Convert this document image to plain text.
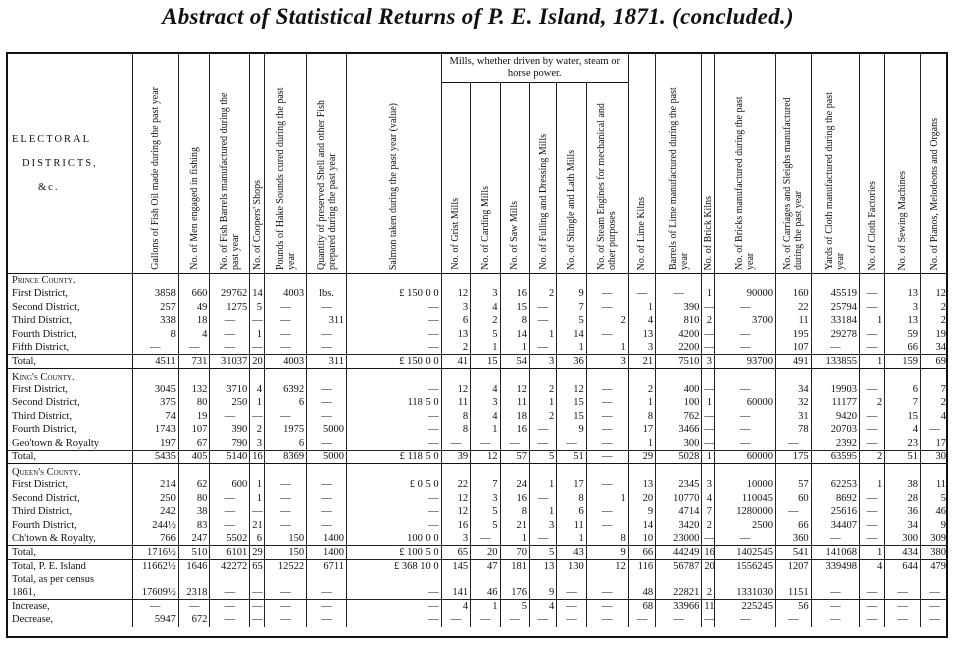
Abstract of Statistical Returns of P. E. Island, 1871. (concluded.)
ELECTORAL
DISTRICTS,
&c.	Gallons of Fish Oil made during the past year	No. of Men engaged in fishing	No. of Fish Barrels manufactured during the past year	No. of Coopers' Shops	Pounds of Hake Sounds cured during the past year	Quantity of preserved Shell and other Fish prepared during the past year	Salmon taken during the past year (value)	Mills, whether driven by water, steam or horse power.						No. of Lime Kilns	Barrels of Lime manufactured during the past year	No. of Brick Kilns	No. of Bricks manufactured during the past year	No. of Carriages and Sleighs manufactured during the past year	Yards of Cloth manufactured during the past year	No. of Cloth Factories	No. of Sewing Machines	No. of Pianos, Melodeons and Organs
								No. of Grist Mills	No. of Carding Mills	No. of Saw Mills	No. of Fulling and Dressing Mills	No. of Shingle and Lath Mills	No. of Steam Engines for mechanical and other purposes									
Prince County.																						
First District,	3858	660	29762	14	4003	lbs.	£ 150 0 0	12	3	16	2	9	—	—	—	1	90000	160	45519	—	13	12
Second District,	257	49	1275	5	—	—	—	3	4	15	—	7	—	1	390	—	—	22	25794	—	3	2
Third District,	338	18	—	—	—	311	—	6	2	8	—	5	2	4	810	2	3700	11	33184	1	13	2
Fourth District,	8	4	—	1	—	—	—	13	5	14	1	14	—	13	4200	—	—	195	29278	—	59	19
Fifth District,	—	—	—	—	—	—	—	2	1	1	—	1	1	3	2200	—	—	107	—	—	66	34
Total,	4511	731	31037	20	4003	311	£ 150 0 0	41	15	54	3	36	3	21	7510	3	93700	491	133855	1	159	69
King's County.																						
First District,	3045	132	3710	4	6392	—	—	12	4	12	2	12	—	2	400	—	—	34	19903	—	6	7
Second District,	375	80	250	1	6	—	118 5 0	11	3	11	1	15	—	1	100	1	60000	32	11177	2	7	2
Third District,	74	19	—	—	—	—	—	8	4	18	2	15	—	8	762	—	—	31	9420	—	15	4
Fourth District,	1743	107	390	2	1975	5000	—	8	1	16	—	9	—	17	3466	—	—	78	20703	—	4	—
Geo'town & Royalty	197	67	790	3	6	—	—	—	—	—	—	—	—	1	300	—	—	—	2392	—	23	17
Total,	5435	405	5140	16	8369	5000	£ 118 5 0	39	12	57	5	51	—	29	5028	1	60000	175	63595	2	51	30
Queen's County.																						
First District,	214	62	600	1	—	—	£ 0 5 0	22	7	24	1	17	—	13	2345	3	10000	57	62253	1	38	11
Second District,	250	80	—	1	—	—	—	12	3	16	—	8	1	20	10770	4	110045	60	8692	—	28	5
Third District,	242	38	—	—	—	—	—	12	5	8	1	6	—	9	4714	7	1280000	—	25616	—	36	46
Fourth District,	244½	83	—	21	—	—	—	16	5	21	3	11	—	14	3420	2	2500	66	34407	—	34	9
Ch'town & Royalty,	766	247	5502	6	150	1400	100 0 0	3	—	1	—	1	8	10	23000	—	—	360	—	—	300	309
Total,	1716½	510	6101	29	150	1400	£ 100 5 0	65	20	70	5	43	9	66	44249	16	1402545	541	141068	1	434	380
Total, P. E. Island	11662½	1646	42272	65	12522	6711	£ 368 10 0	145	47	181	13	130	12	116	56787	20	1556245	1207	339498	4	644	479
Total, as per census																						
1861,	17609½	2318	—	—	—	—	—	141	46	176	9	—	—	48	22821	2	1331030	1151	—	—	—	—
Increase,	—	—	—	—	—	—	—	4	1	5	4	—	—	68	33966	11	225245	56	—	—	—	—
Decrease,	5947	672	—	—	—	—	—	—	—	—	—	—	—	—	—	—	—	—	—	—	—	—
